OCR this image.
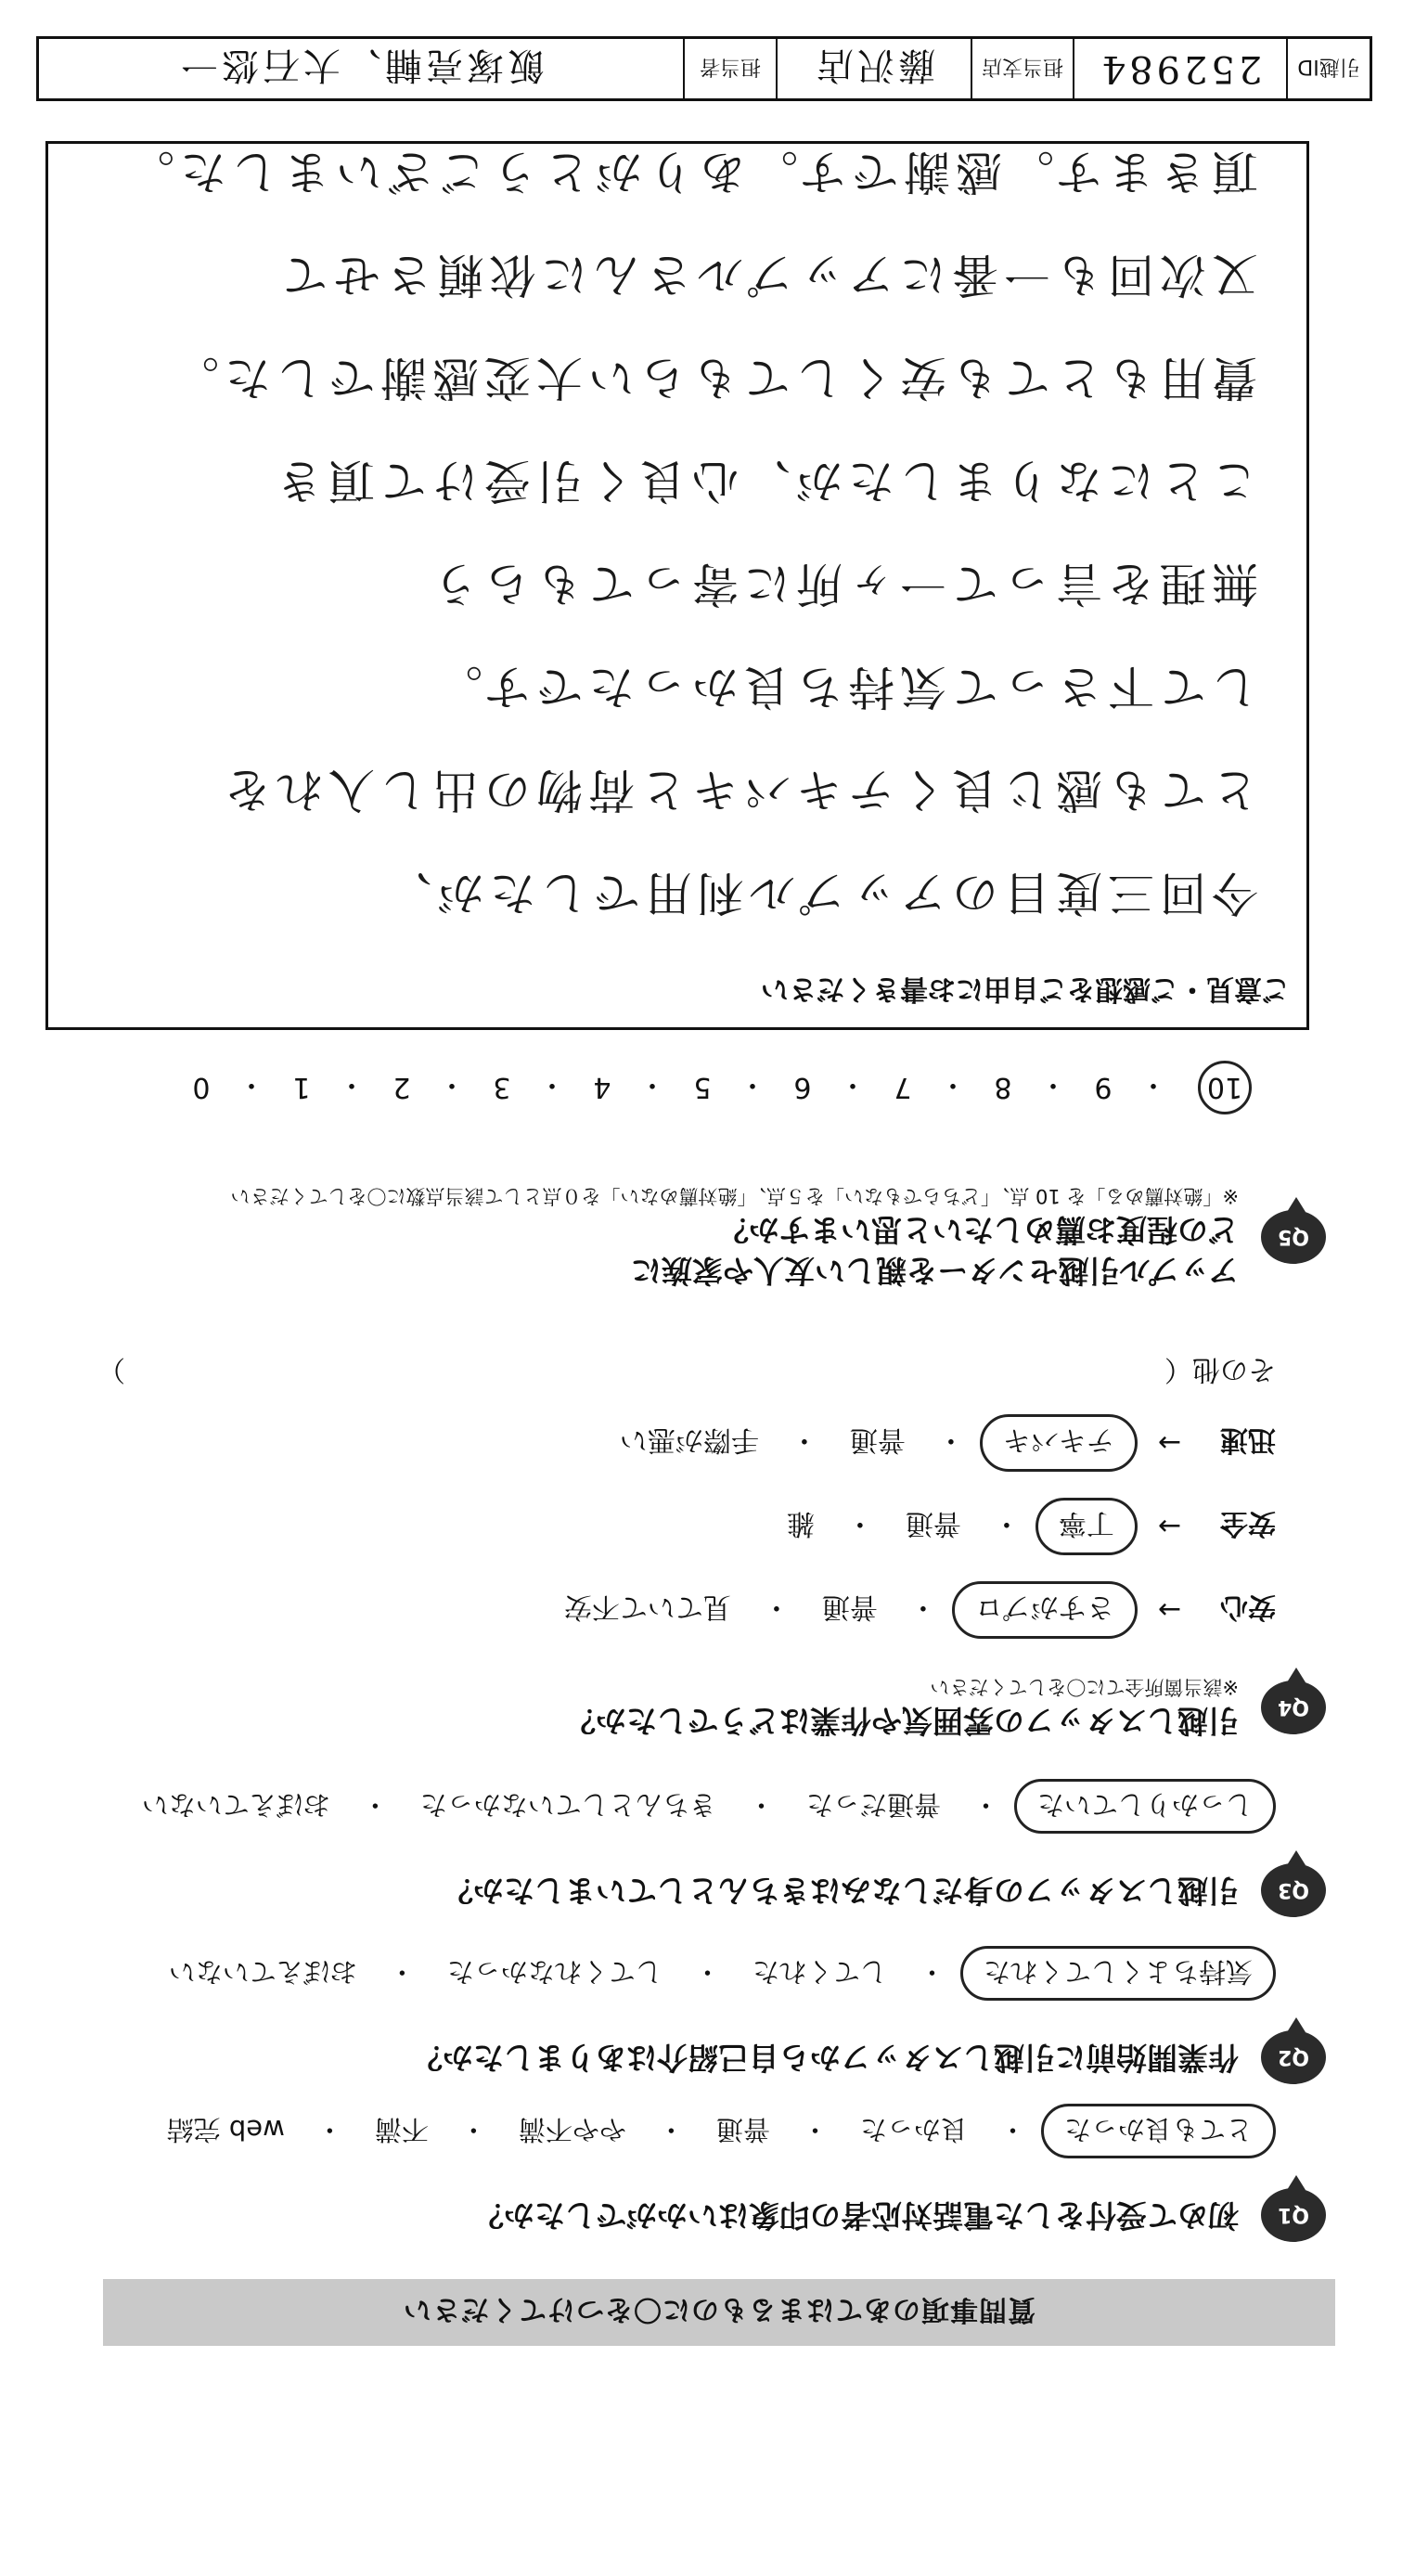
質問事項のあてはまるものに〇をつけてください
Q1
初めて受付をした電話対応者の印象はいかがでしたか？
とても良かった
・
良かった
・
普通
・
やや不満
・
不満
・
web 完結
Q2
作業開始前に引越しスタッフから自己紹介はありましたか？
気持ちよくしてくれた
・
してくれた
・
してくれなかった
・
おぼえていない
Q3
引越しスタッフの身だしなみはきちんとしていましたか？
しっかりしていた
・
普通だった
・
きちんとしていなかった
・
おぼえていない
Q4
引越しスタッフの雰囲気や作業はどうでしたか？
※該当箇所全てに〇をしてください
安心
→
さすがプロ
・
普通
・
見ていて不安
安全
→
丁寧
・
普通
・
雑
迅速
→
テキパキ
・
普通
・
手際が悪い
その他（
）
Q5
アップル引越センターを親しい友人や家族に
どの程度お薦めしたいと思いますか？
※「絶対薦める」を 10 点、「どちらでもない」を５点、「絶対薦めない」を０点として該当点数に〇をしてください
10
・
9
・
8
・
7
・
6
・
5
・
4
・
3
・
2
・
1
・
0
ご意見・ご感想をご自由にお書きください

今回三度目のアップル利用でしたが、

とても感じ良くテキパキと荷物の出し入れを

して下さって気持ち良かったです。

無理を言って一ヶ所に寄ってもらう

ことになりましたが、心良く引受けて頂き

費用もとても安くしてもらい大変感謝でした。

又次回も一番にアップルさんに依頼させて

頂きます。感謝です。ありがとうございました。

引越ID
252984
担当支店
藤沢店
担当者
飯塚亮輔、大石悠一
